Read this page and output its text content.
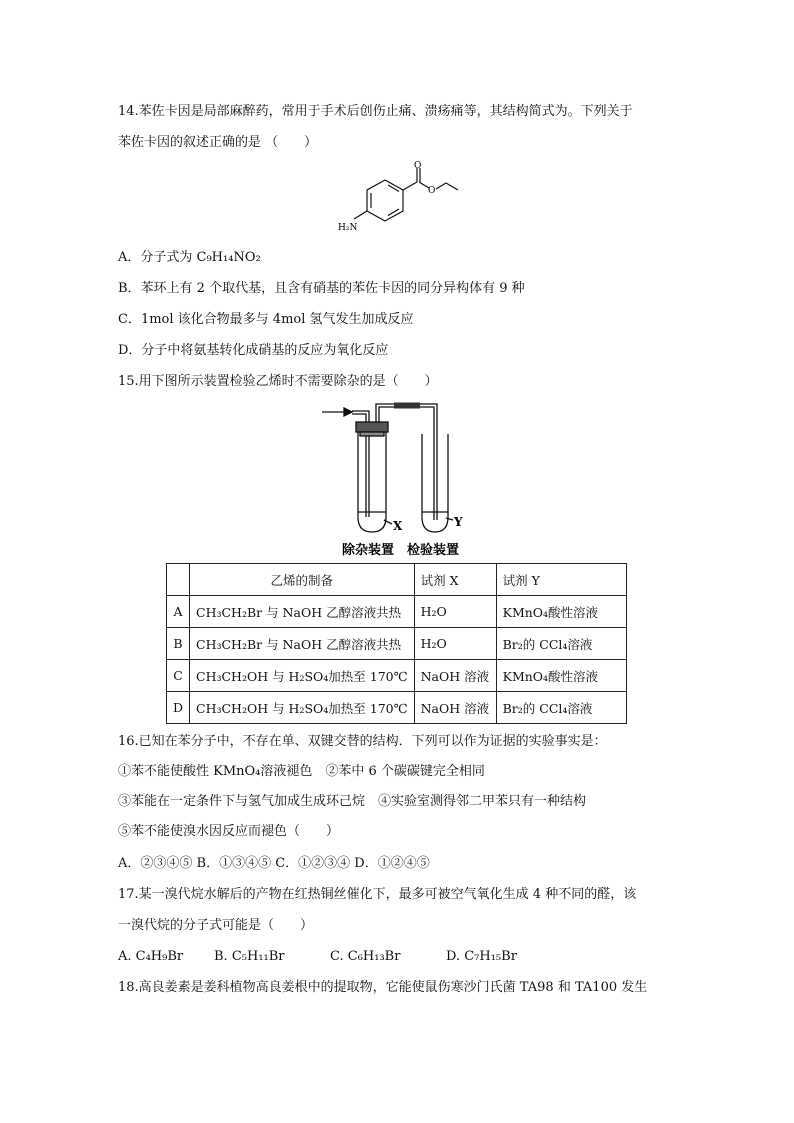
14.苯佐卡因是局部麻醉药，常用于手术后创伤止痛、溃疡痛等，其结构简式为。下列关于
苯佐卡因的叙述正确的是 （　　）
H₂N
O
O
A．分子式为 C₉H₁₄NO₂
B．苯环上有 2 个取代基，且含有硝基的苯佐卡因的同分异构体有 9 种
C．1mol 该化合物最多与 4mol 氢气发生加成反应
D．分子中将氨基转化成硝基的反应为氧化反应
15.用下图所示装置检验乙烯时不需要除杂的是（　　）
X	Y
除杂装置　检验装置
	乙烯的制备	试剂 X	试剂 Y
A	CH₃CH₂Br 与 NaOH 乙醇溶液共热	H₂O	KMnO₄酸性溶液
B	CH₃CH₂Br 与 NaOH 乙醇溶液共热	H₂O	Br₂的 CCl₄溶液
C	CH₃CH₂OH 与 H₂SO₄加热至 170℃	NaOH 溶液	KMnO₄酸性溶液
D	CH₃CH₂OH 与 H₂SO₄加热至 170℃	NaOH 溶液	Br₂的 CCl₄溶液
16.已知在苯分子中，不存在单、双键交替的结构．下列可以作为证据的实验事实是：
①苯不能使酸性 KMnO₄溶液褪色　②苯中 6 个碳碳键完全相同
③苯能在一定条件下与氢气加成生成环己烷　④实验室测得邻二甲苯只有一种结构
⑤苯不能使溴水因反应而褪色（　　）
A．②③④⑤ B．①③④⑤ C．①②③④ D．①②④⑤
17.某一溴代烷水解后的产物在红热铜丝催化下，最多可被空气氧化生成 4 种不同的醛，该
一溴代烷的分子式可能是（　　）
A. C₄H₉Br B. C₅H₁₁Br	C. C₆H₁₃Br	D. C₇H₁₅Br
18.高良姜素是姜科植物高良姜根中的提取物，它能使鼠伤寒沙门氏菌 TA98 和 TA100 发生
